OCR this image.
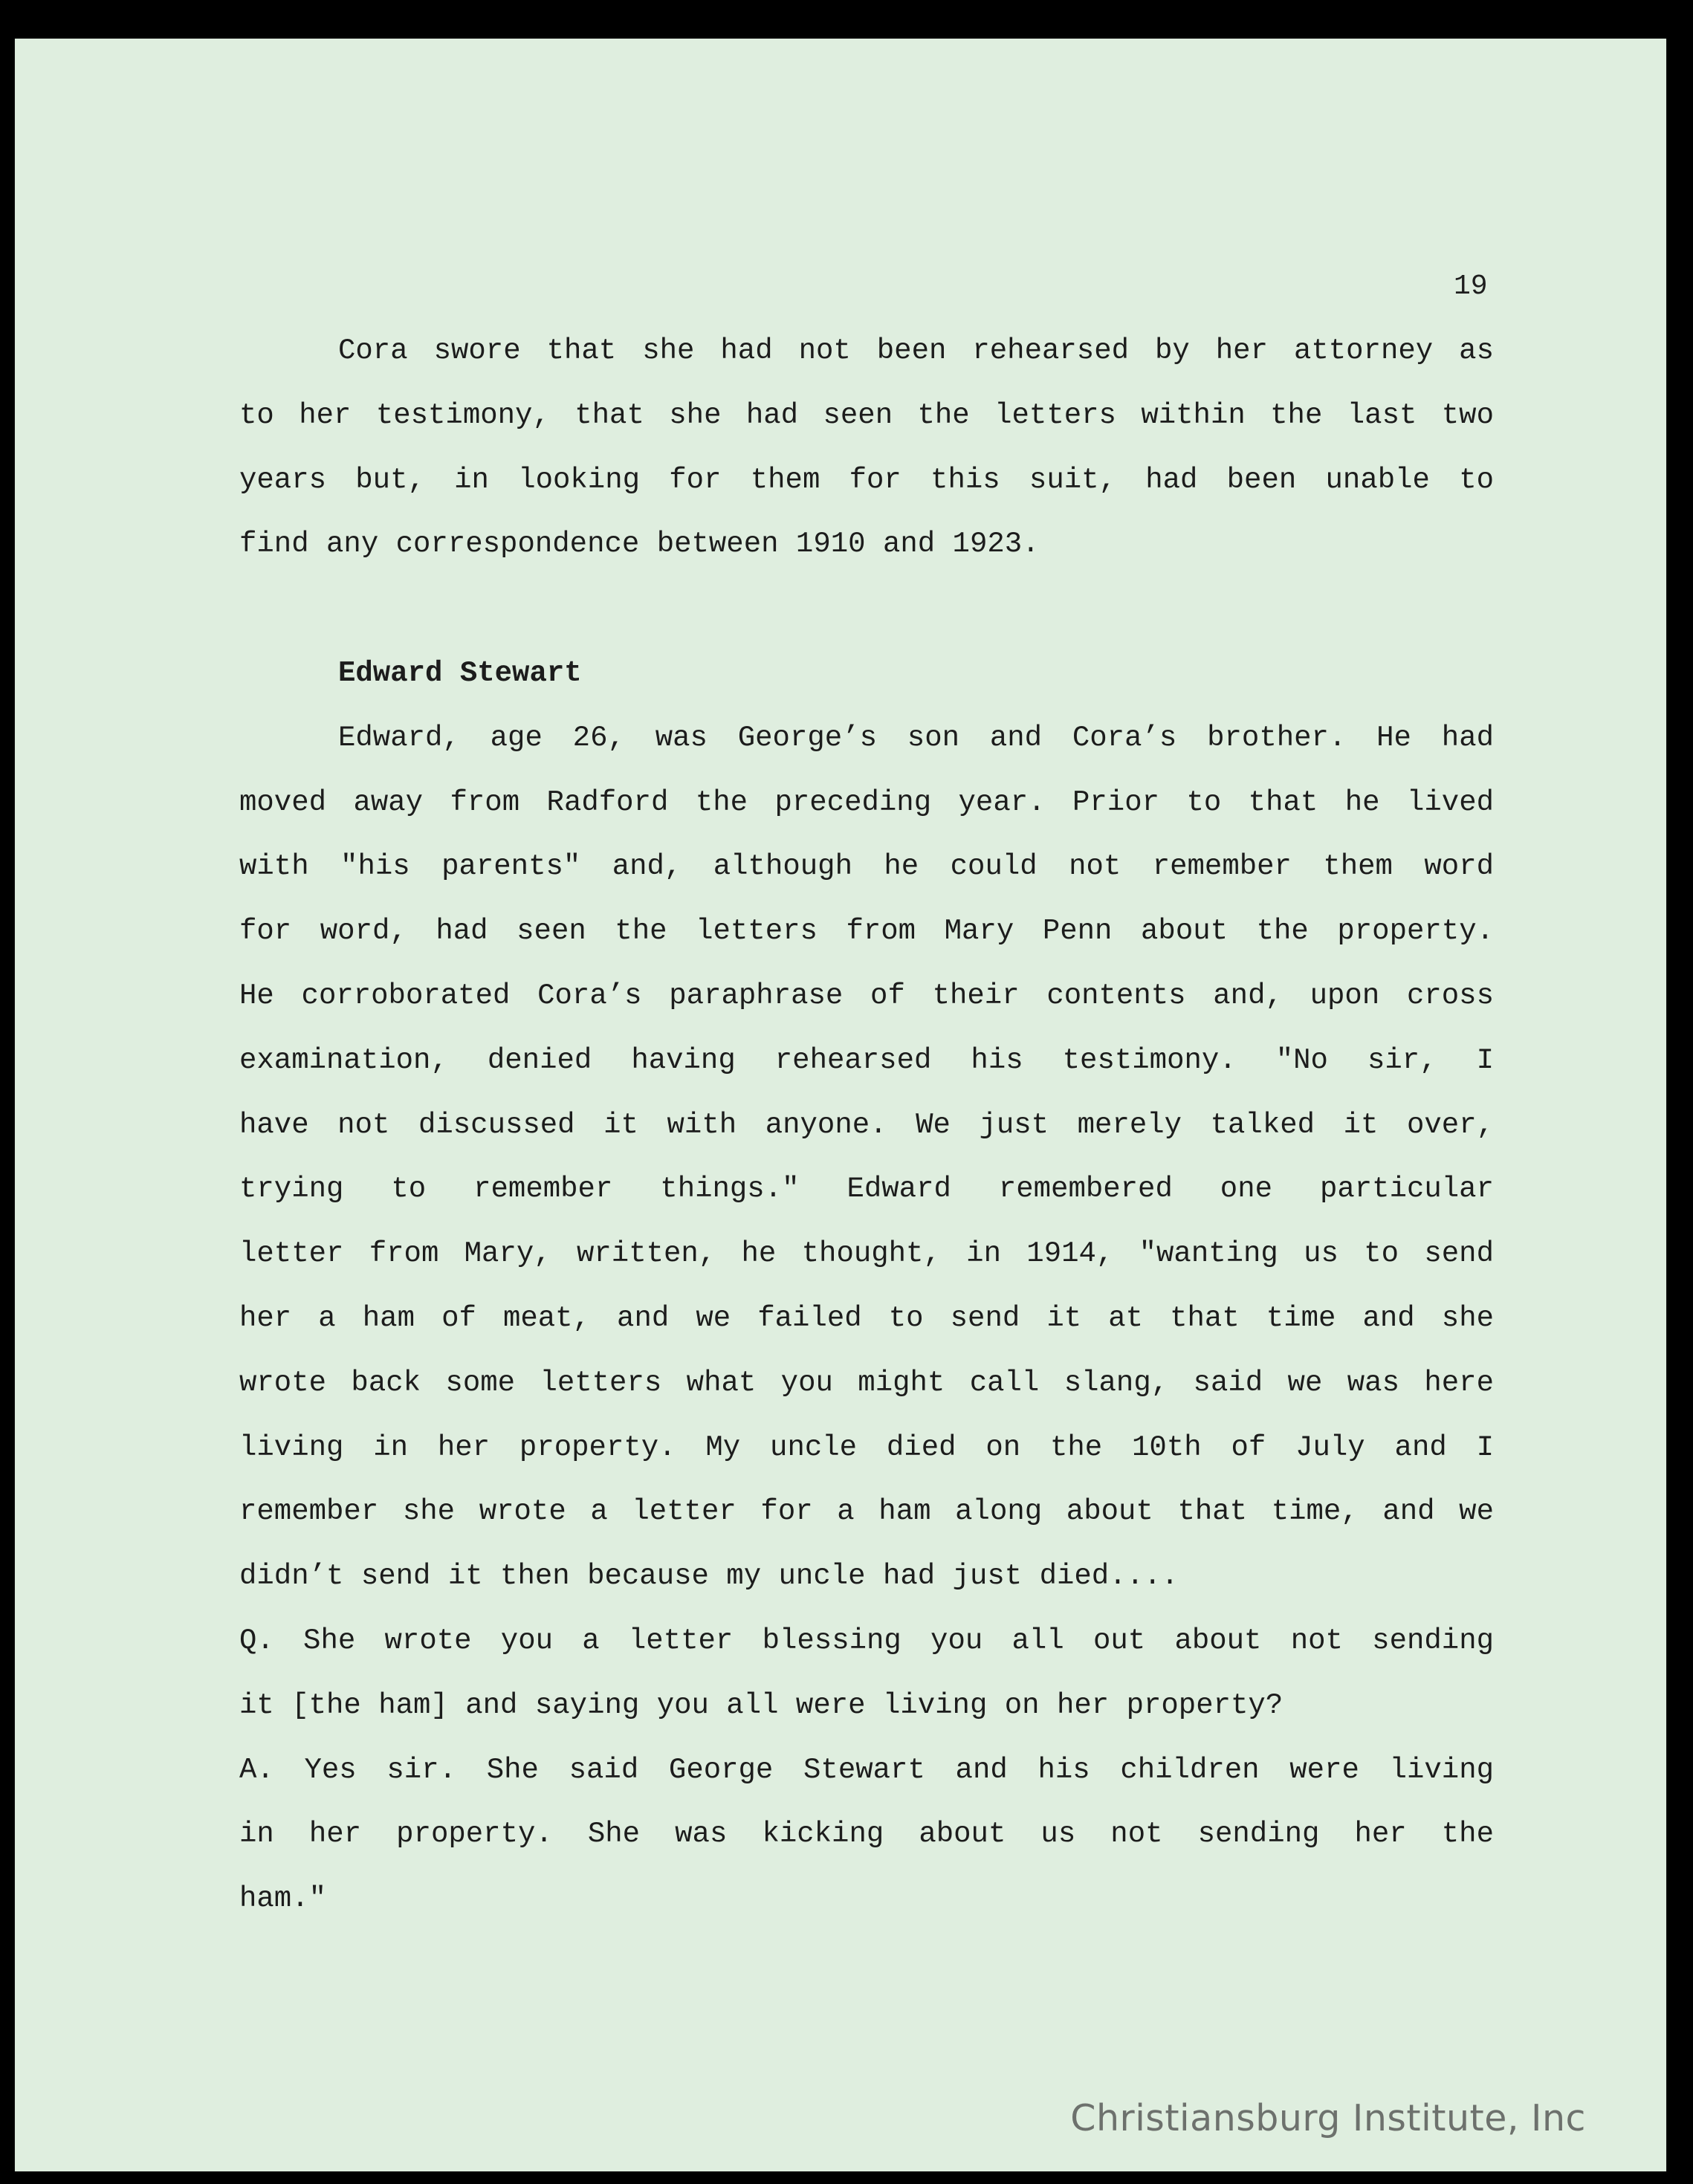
19

Cora swore that she had not been rehearsed by her attorney as
to her testimony, that she had seen the letters within the last two
years but, in looking for them for this suit, had been unable to
find any correspondence between 1910 and 1923.
Edward Stewart
Edward, age 26, was George’s son and Cora’s brother. He had
moved away from Radford the preceding year. Prior to that he lived
with "his parents" and, although he could not remember them word
for word, had seen the letters from Mary Penn about the property.
He corroborated Cora’s paraphrase of their contents and, upon cross
examination, denied having rehearsed his testimony. "No sir, I
have not discussed it with anyone. We just merely talked it over,
trying to remember things." Edward remembered one particular
letter from Mary, written, he thought, in 1914, "wanting us to send
her a ham of meat, and we failed to send it at that time and she
wrote back some letters what you might call slang, said we was here
living in her property. My uncle died on the 10th of July and I
remember she wrote a letter for a ham along about that time, and we
didn’t send it then because my uncle had just died....
Q. She wrote you a letter blessing you all out about not sending
it [the ham] and saying you all were living on her property?
A. Yes sir. She said George Stewart and his children were living
in her property. She was kicking about us not sending her the
ham."

Christiansburg Institute, Inc
